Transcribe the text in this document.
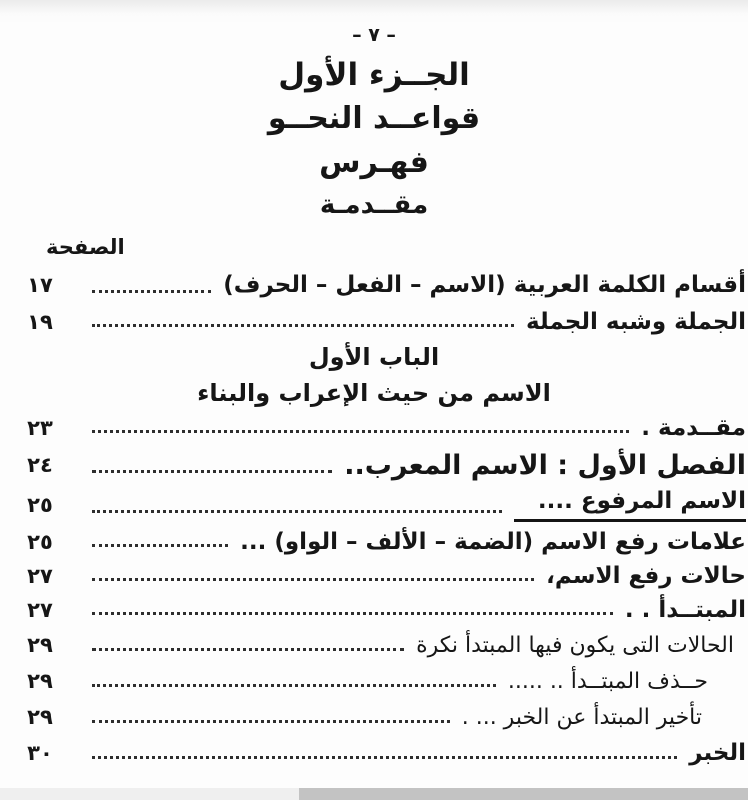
– ٧ –
الجــزء الأول
قواعــد النحــو
فهـرس
مقــدمـة
الصفحة
أقسام الكلمة العربية (الاسم – الفعل – الحرف)
١٧
الجملة وشبه الجملة
١٩
الباب الأول
الاسم من حيث الإعراب والبناء
مقــدمة .
٢٣
الفصل الأول : الاسم المعرب..
٢٤
الاسم المرفوع ....
٢٥
علامات رفع الاسم (الضمة – الألف – الواو) ...
٢٥
حالات رفع الاسم،
٢٧
المبتــدأ . .
٢٧
الحالات التى يكون فيها المبتدأ نكرة
٢٩
حــذف المبتــدأ .. .....
٢٩
تأخير المبتدأ عن الخبر ... .
٢٩
الخبر
٣٠
